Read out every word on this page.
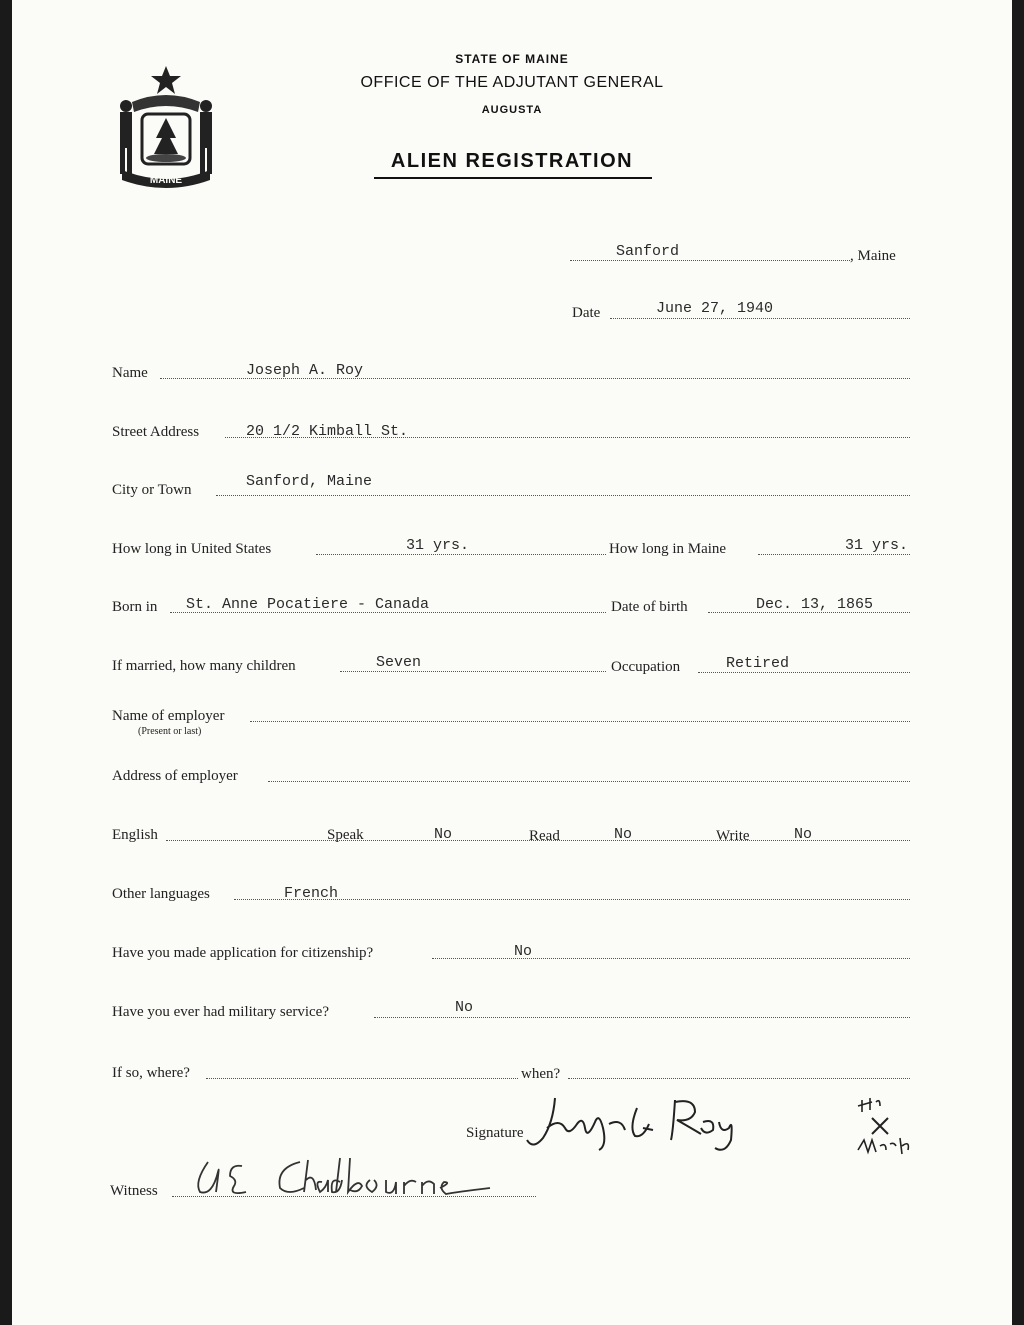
MAINE
STATE OF MAINE
OFFICE OF THE ADJUTANT GENERAL
AUGUSTA
ALIEN REGISTRATION
Sanford	, Maine
Date	June 27, 1940
Name	Joseph A. Roy
Street Address	20 1/2 Kimball St.
City or Town	Sanford, Maine
How long in United States	31 yrs.	How long in Maine	31 yrs.
Born in St. Anne Pocatiere - Canada	Date of birth	Dec. 13, 1865
If married, how many children	Seven	Occupation	Retired
Name of employer
(Present or last)
Address of employer
English	Speak	No	Read	No	Write	No
Other languages	French
Have you made application for citizenship?	No
Have you ever had military service?	No
If so, where?	when?
Signature
Witness
